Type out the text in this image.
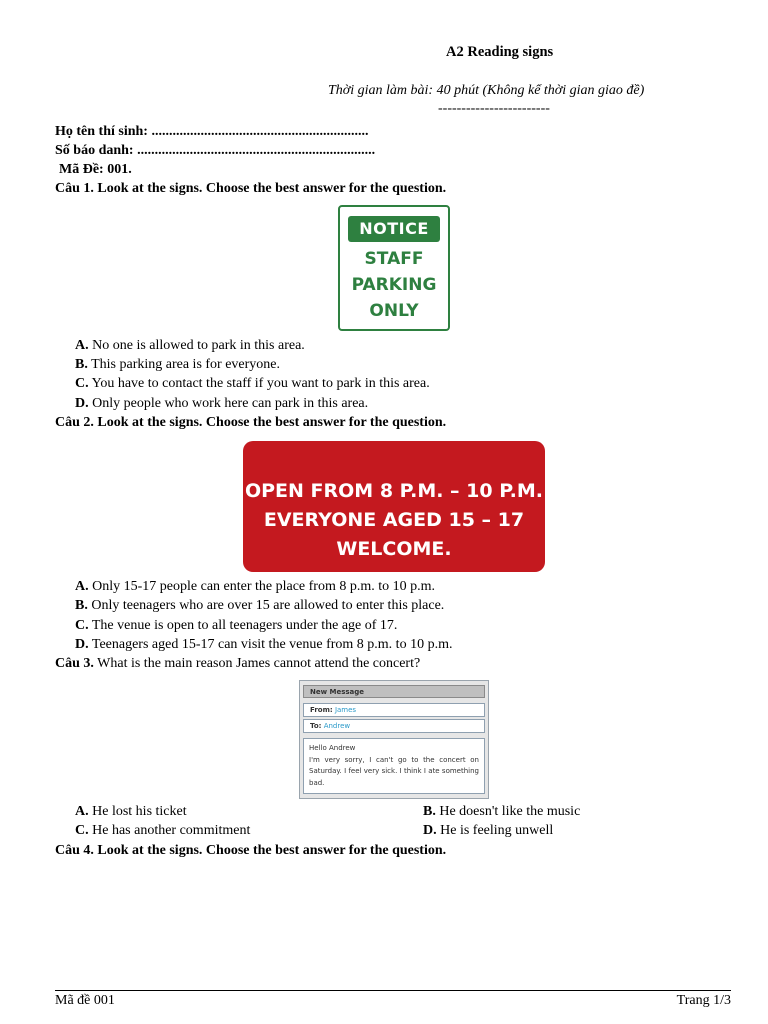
A2 Reading signs
Thời gian làm bài: 40 phút (Không kể thời gian giao đề)
------------------------
Họ tên thí sinh: ..............................................................
Số báo danh: ....................................................................
Mã Đề: 001.
Câu 1. Look at the signs. Choose the best answer for the question.
NOTICE
STAFF
PARKING
ONLY
A. No one is allowed to park in this area.
B. This parking area is for everyone.
C. You have to contact the staff if you want to park in this area.
D. Only people who work here can park in this area.
Câu 2. Look at the signs. Choose the best answer for the question.
OPEN FROM 8 P.M. – 10 P.M.
EVERYONE AGED 15 – 17
WELCOME.
A. Only 15-17 people can enter the place from 8 p.m. to 10 p.m.
B. Only teenagers who are over 15 are allowed to enter this place.
C. The venue is open to all teenagers under the age of 17.
D. Teenagers aged 15-17 can visit the venue from 8 p.m. to 10 p.m.
Câu 3. What is the main reason James cannot attend the concert?
New Message
From: James
To: Andrew
Hello Andrew
I'm very sorry, I can't go to the concert on Saturday. I feel very sick. I think I ate something bad.
A. He lost his ticket	B. He doesn't like the music
C. He has another commitment	D. He is feeling unwell
Câu 4. Look at the signs. Choose the best answer for the question.
Mã đề 001	Trang 1/3
